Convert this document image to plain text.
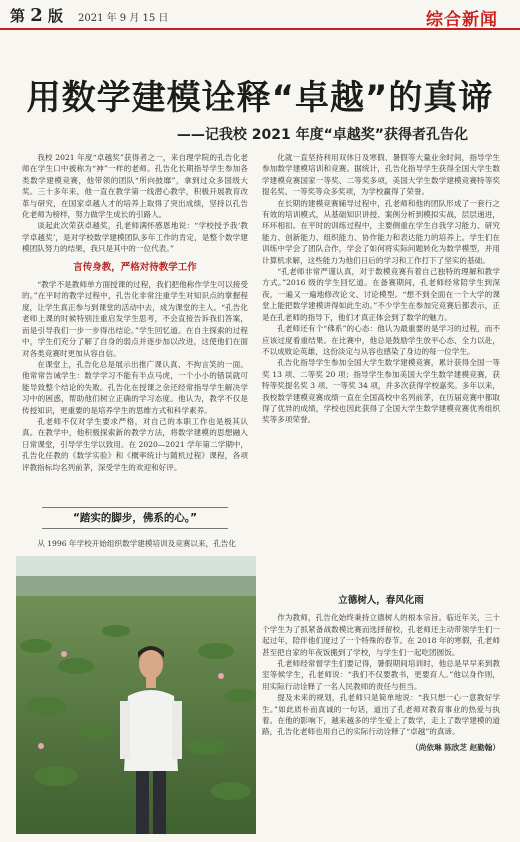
第 2 版 2021 年 9 月 15 日	综合新闻
用数学建模诠释“卓越”的真谛
——记我校 2021 年度“卓越奖”获得者孔告化

我校 2021 年度“卓越奖”获得者之一，来自理学院的孔告化老师在学生口中被称为“神”一样的老师。孔告化长期指导学生参加各类数学建模竞赛，他带领的团队“所向披靡”，拿到过众多国级大奖。三十多年来，他一直在教学第一线潜心教学，积极开展教育改革与研究，在国家卓越人才的培养上取得了突出成绩，坚持以孔告化老师为榜样，努力做学生成长的引路人。

谈起此次荣获卓越奖，孔老师满怀感恩地说：“学校授予我‘教学卓越奖’，是对学校数学建模团队多年工作的肯定，是整个数学建模团队努力的结果，我只是其中的一位代表。”

言传身教，严格对待教学工作

“教学不是教师单方面授课的过程，我们把他称作学生可以接受的。”在平时的教学过程中，孔告化非常注重学生对知识点的掌握程度，让学生真正参与到课堂的活动中去，成为课堂的主人。“孔告化老师上课的时候特别注重启发学生思考，不会直接告诉我们答案，而是引导我们一步一步得出结论。”学生回忆道。在自主探索的过程中，学生们充分了解了自身的弱点并逐步加以改进，这使他们在面对各类竞赛时更加从容自信。

在课堂上，孔告化总是展示出推广课认真、不拘言笑的一面。他常常告诫学生：数学学习不能有半点马虎，一个小小的错误就可能导致整个结论的失败。孔告化在授课之余还经常指导学生解决学习中的困惑，帮助他们树立正确的学习态度。他认为，教学不仅是传授知识，更重要的是培养学生的思维方式和科学素养。

孔老师不仅对学生要求严格，对自己的本职工作也是极其认真。在教学中，他积极探索新的教学方法，将数学建模的思想融入日常课堂，引导学生学以致用。在 2020—2021 学年第二学期中，孔告化任教的《数学实验》和《概率统计与随机过程》课程，各项评教指标均名列前茅，深受学生的欢迎和好评。

“踏实的脚步，佛系的心。”
从 1996 年学校开始组织数学建模培训及竞赛以来，孔告化

化就一直坚持利用双休日及寒假、暑假等大量业余时间，指导学生参加数学建模培训和竞赛。据统计，孔告化指导学生获得全国大学生数学建模竞赛国家一等奖、二等奖多项，美国大学生数学建模竞赛特等奖提名奖、一等奖等众多奖项，为学校赢得了荣誉。

在长期的建模竞赛辅导过程中，孔老师和他的团队形成了一套行之有效的培训模式，从基础知识讲授、案例分析到模拟实战，层层递进，环环相扣。在平时的训练过程中，主要侧重在学生自我学习能力、研究能力、创新能力、组织能力、协作能力和表达能力的培养上。学生们在训练中学会了团队合作，学会了如何将实际问题转化为数学模型，并用计算机求解，这些能力为他们日后的学习和工作打下了坚实的基础。

“孔老师非常严谨认真，对于数模竞赛有着自己独特的理解和教学方式。”2016 级的学生回忆道。在备赛期间，孔老师经常陪学生到深夜，一遍又一遍地修改论文、讨论模型。“想不到全面在一个大学的课堂上能把数学建模讲得如此生动。”不少学生在参加完竞赛后都表示，正是在孔老师的指导下，他们才真正体会到了数学的魅力。

孔老师还有个“佛系”的心态：他认为最重要的是学习的过程，而不应该过度看重结果。在比赛中，他总是鼓励学生放平心态、全力以赴，不以成败论英雄，这份淡定与从容也感染了身边的每一位学生。

孔告化指导学生参加全国大学生数学建模竞赛，累计获得全国一等奖 13 项、二等奖 20 项；指导学生参加美国大学生数学建模竞赛，获特等奖提名奖 3 项、一等奖 34 项，并多次获得学校嘉奖。多年以来，我校数学建模竞赛成绩一直在全国高校中名列前茅，在历届竞赛中都取得了优异的成绩，学校也因此获得了全国大学生数学建模竞赛优秀组织奖等多项荣誉。

立德树人，春风化雨

作为教师，孔告化始终秉持立德树人的根本宗旨。临近年关，三十个学生为了抓紧备战数模比赛而选择留校，孔老师还主动带领学生们一起过年，陪伴他们度过了一个特殊的春节。在 2018 年的寒假，孔老师甚至把自家的年夜饭搬到了学校，与学生们一起吃团圆饭。

孔老师经常督学生们要记得，暑假期间培训时，他总是早早来到教室等候学生，孔老师说：“我们不仅要教书，更要育人。”他以身作则，用实际行动诠释了一名人民教师的责任与担当。

提及未来的规划，孔老师只是简单地说：“我只想一心一意教好学生。”如此质朴而真诚的一句话，道出了孔老师对教育事业的热爱与执着。在他的影响下，越来越多的学生爱上了数学，走上了数学建模的道路，孔告化老师也用自己的实际行动诠释了“卓越”的真谛。

（尚依琳 陈欣芝 赵勤翰）
